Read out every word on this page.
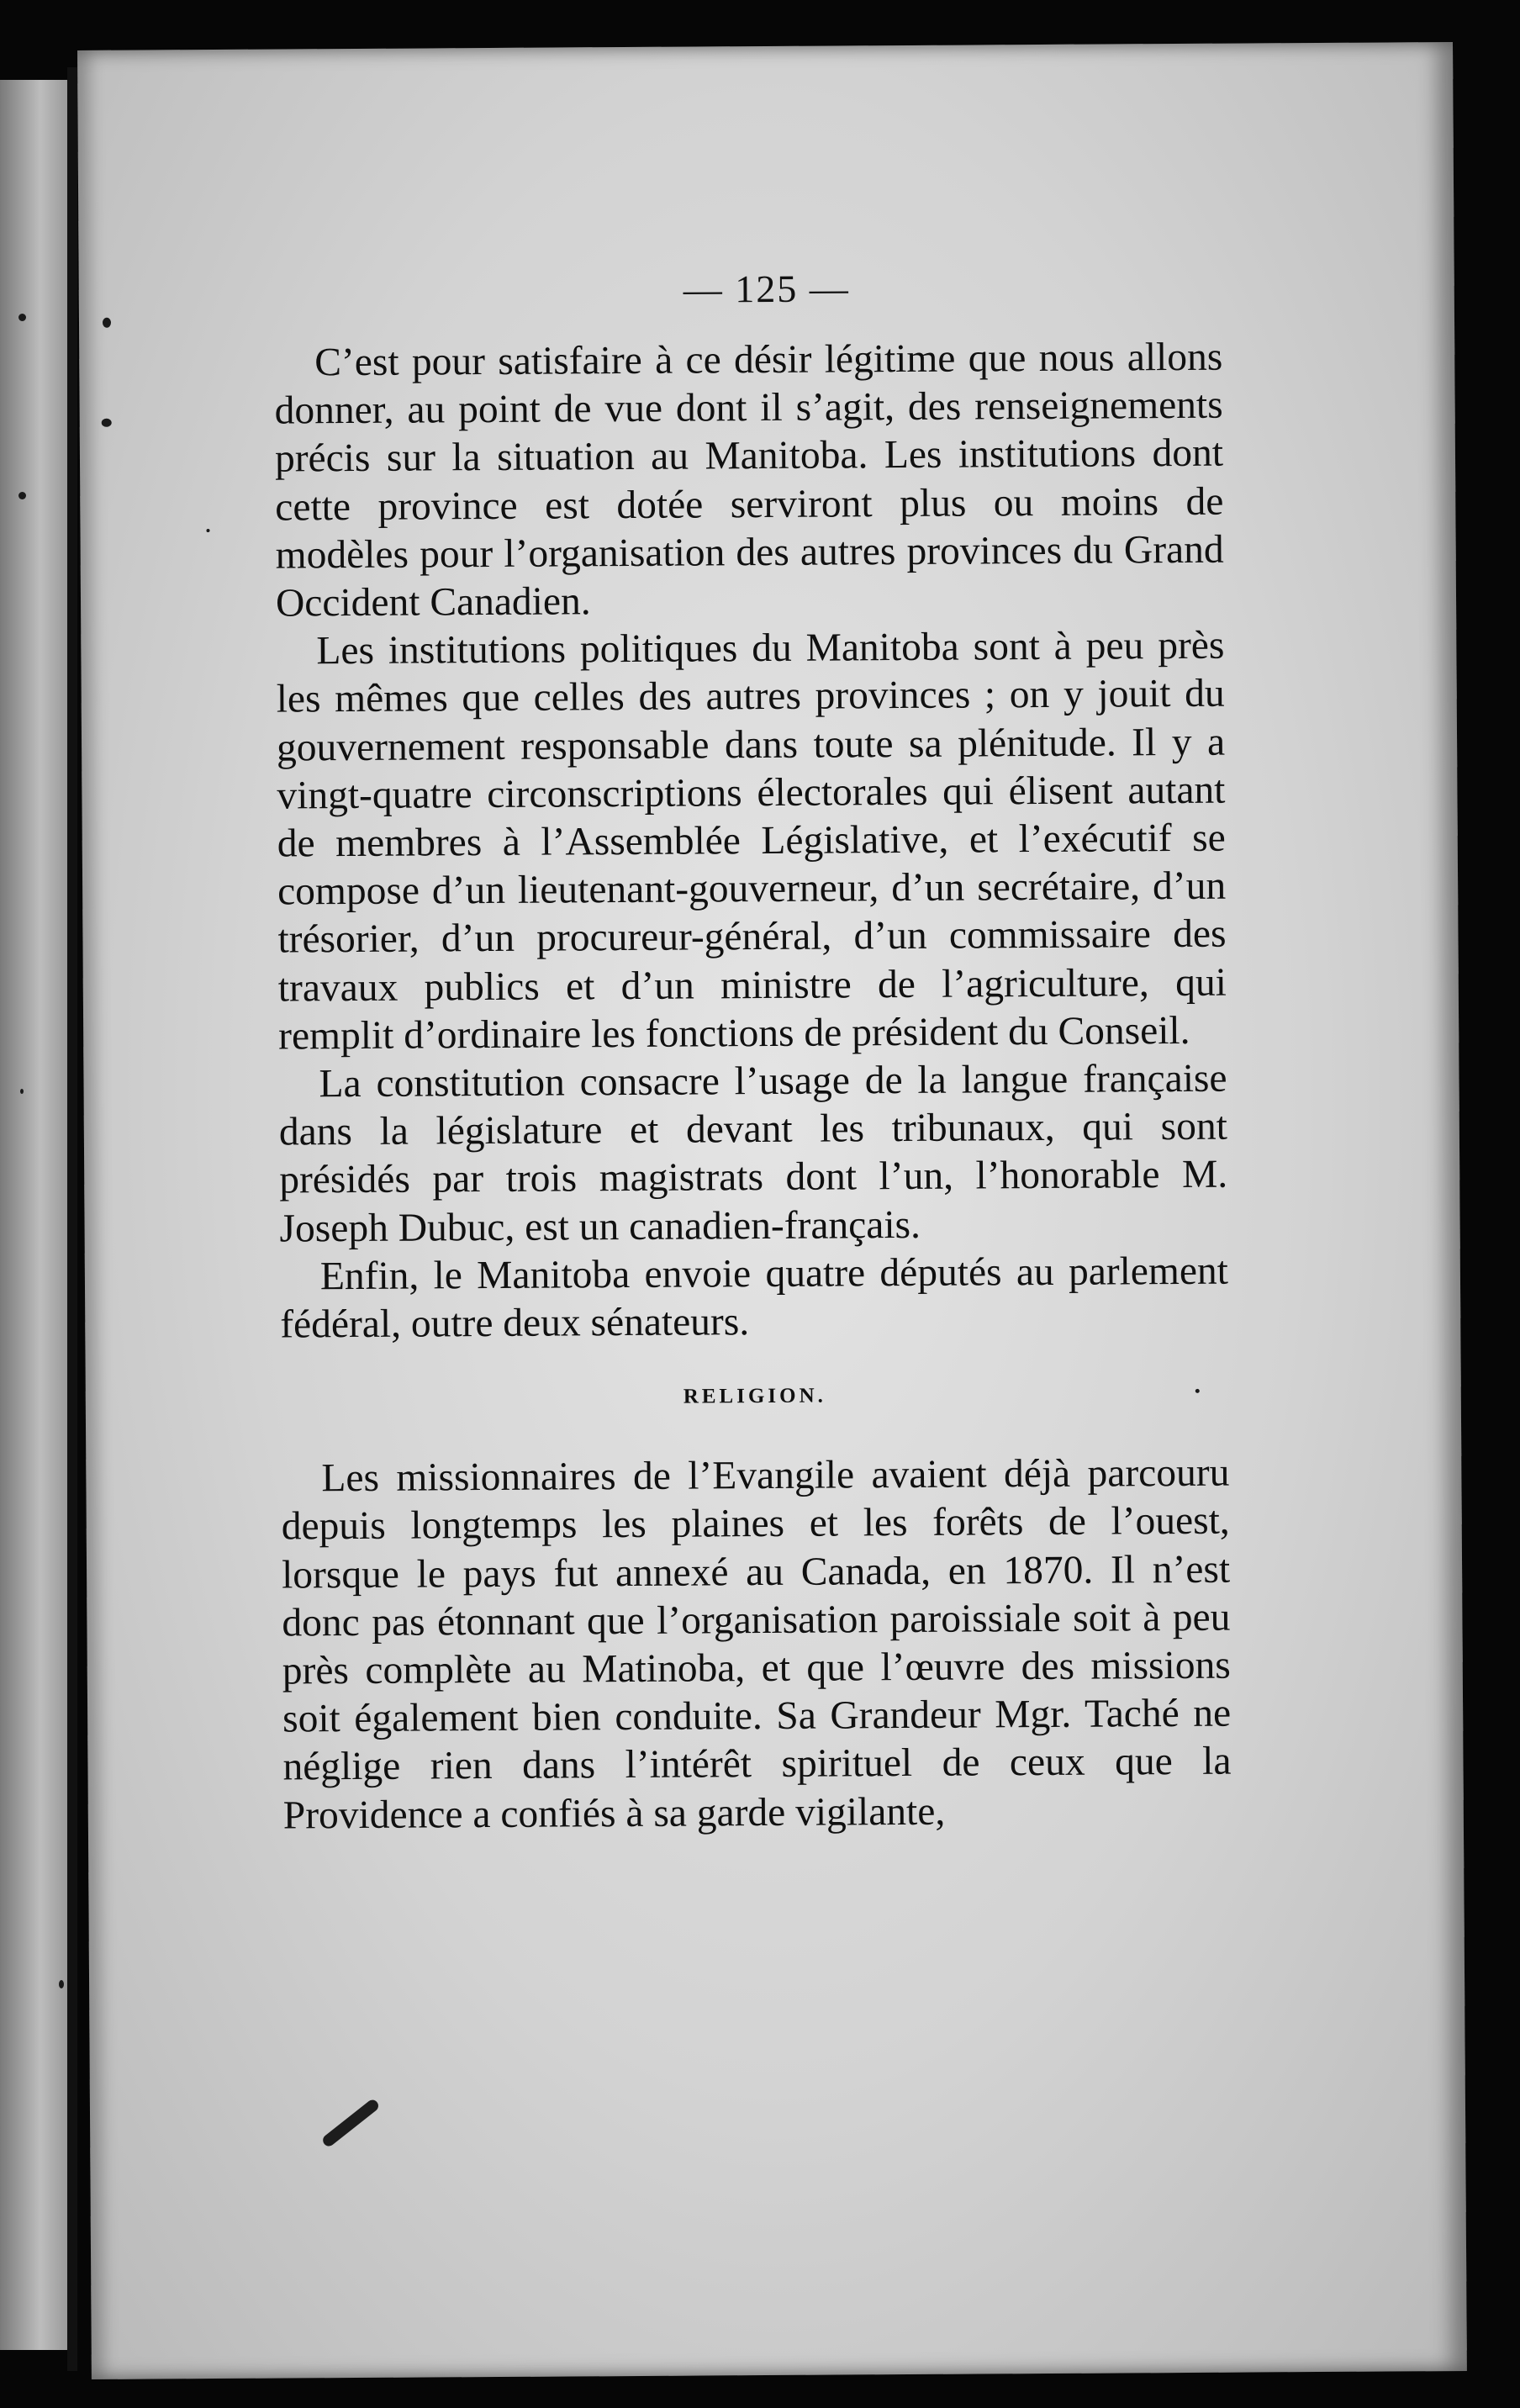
— 125 —

C’est pour satisfaire à ce désir légitime que nous allons donner, au point de vue dont il s’agit, des renseignements précis sur la situation au Manitoba. Les institutions dont cette province est dotée serviront plus ou moins de modèles pour l’organisation des autres provinces du Grand Occident Canadien.

Les institutions politiques du Manitoba sont à peu près les mêmes que celles des autres provinces ; on y jouit du gouvernement responsable dans toute sa plénitude. Il y a vingt-quatre circonscriptions électorales qui élisent autant de membres à l’Assemblée Législative, et l’exécutif se compose d’un lieutenant-gouverneur, d’un secrétaire, d’un trésorier, d’un procureur-général, d’un commissaire des travaux publics et d’un ministre de l’agriculture, qui remplit d’ordinaire les fonctions de président du Conseil.

La constitution consacre l’usage de la langue française dans la législature et devant les tribunaux, qui sont présidés par trois magistrats dont l’un, l’honorable M. Joseph Dubuc, est un canadien-français.

Enfin, le Manitoba envoie quatre députés au parlement fédéral, outre deux sénateurs.

RELIGION.

Les missionnaires de l’Evangile avaient déjà parcouru depuis longtemps les plaines et les forêts de l’ouest, lorsque le pays fut annexé au Canada, en 1870. Il n’est donc pas étonnant que l’organisation paroissiale soit à peu près complète au Matinoba, et que l’œuvre des missions soit également bien conduite. Sa Grandeur Mgr. Taché ne néglige rien dans l’intérêt spirituel de ceux que la Providence a confiés à sa garde vigilante,
